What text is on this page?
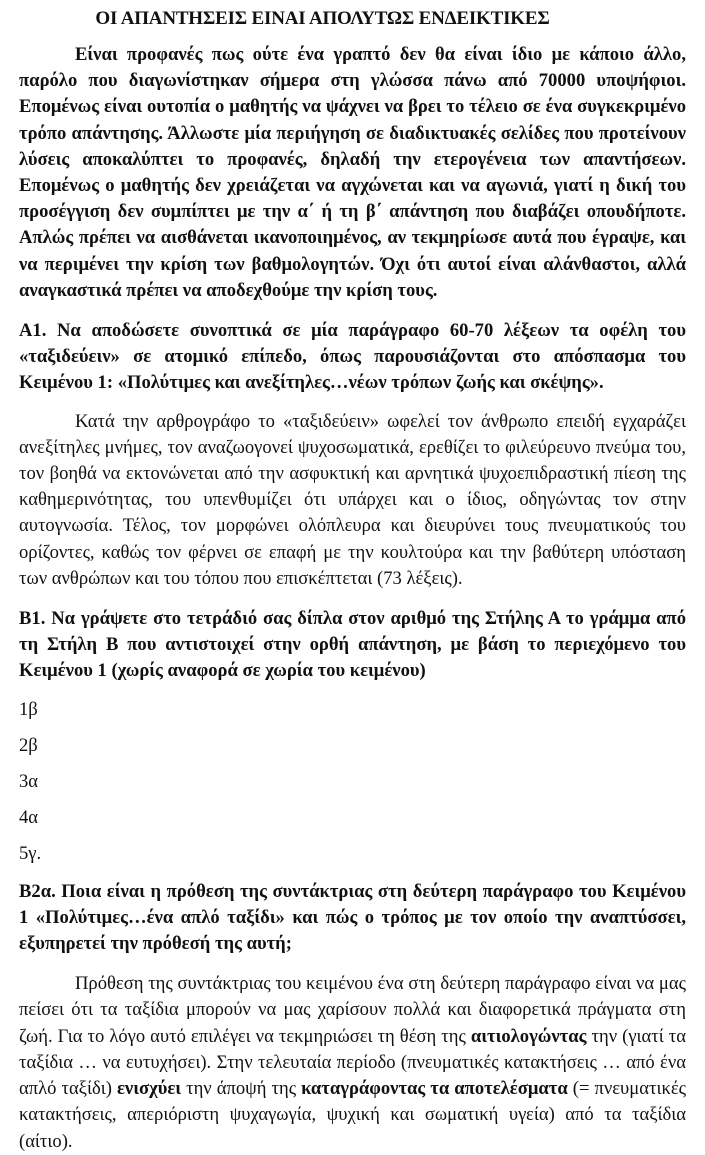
ΟΙ ΑΠΑΝΤΗΣΕΙΣ ΕΙΝΑΙ ΑΠΟΛΥΤΩΣ ΕΝΔΕΙΚΤΙΚΕΣ

Είναι προφανές πως ούτε ένα γραπτό δεν θα είναι ίδιο με κάποιο άλλο, παρόλο που διαγωνίστηκαν σήμερα στη γλώσσα πάνω από 70000 υποψήφιοι. Επομένως είναι ουτοπία ο μαθητής να ψάχνει να βρει το τέλειο σε ένα συγκεκριμένο τρόπο απάντησης. Άλλωστε μία περιήγηση σε διαδικτυακές σελίδες που προτείνουν λύσεις αποκαλύπτει το προφανές, δηλαδή την ετερογένεια των απαντήσεων. Επομένως ο μαθητής δεν χρειάζεται να αγχώνεται και να αγωνιά, γιατί η δική του προσέγγιση δεν συμπίπτει με την α΄ ή τη β΄ απάντηση που διαβάζει οπουδήποτε. Απλώς πρέπει να αισθάνεται ικανοποιημένος, αν τεκμηρίωσε αυτά που έγραψε, και να περιμένει την κρίση των βαθμολογητών. Όχι ότι αυτοί είναι αλάνθαστοι, αλλά αναγκαστικά πρέπει να αποδεχθούμε την κρίση τους.

Α1. Να αποδώσετε συνοπτικά σε μία παράγραφο 60-70 λέξεων τα οφέλη του «ταξιδεύειν» σε ατομικό επίπεδο, όπως παρουσιάζονται στο απόσπασμα του Κειμένου 1: «Πολύτιμες και ανεξίτηλες…νέων τρόπων ζωής και σκέψης».

Κατά την αρθρογράφο το «ταξιδεύειν» ωφελεί τον άνθρωπο επειδή εγχαράζει ανεξίτηλες μνήμες, τον αναζωογονεί ψυχοσωματικά, ερεθίζει το φιλεύρευνο πνεύμα του, τον βοηθά να εκτονώνεται από την ασφυκτική και αρνητικά ψυχοεπιδραστική πίεση της καθημερινότητας, του υπενθυμίζει ότι υπάρχει και ο ίδιος, οδηγώντας τον στην αυτογνωσία. Τέλος, τον μορφώνει ολόπλευρα και διευρύνει τους πνευματικούς του ορίζοντες, καθώς τον φέρνει σε επαφή με την κουλτούρα και την βαθύτερη υπόσταση των ανθρώπων και του τόπου που επισκέπτεται (73 λέξεις).

Β1. Να γράψετε στο τετράδιό σας δίπλα στον αριθμό της Στήλης Α το γράμμα από τη Στήλη Β που αντιστοιχεί στην ορθή απάντηση, με βάση το περιεχόμενο του Κειμένου 1 (χωρίς αναφορά σε χωρία του κειμένου)

1β
2β
3α
4α
5γ.

Β2α. Ποια είναι η πρόθεση της συντάκτριας στη δεύτερη παράγραφο του Κειμένου 1 «Πολύτιμες…ένα απλό ταξίδι» και πώς ο τρόπος με τον οποίο την αναπτύσσει, εξυπηρετεί την πρόθεσή της αυτή;

Πρόθεση της συντάκτριας του κειμένου ένα στη δεύτερη παράγραφο είναι να μας πείσει ότι τα ταξίδια μπορούν να μας χαρίσουν πολλά και διαφορετικά πράγματα στη ζωή. Για το λόγο αυτό επιλέγει να τεκμηριώσει τη θέση της αιτιολογώντας την (γιατί τα ταξίδια … να ευτυχήσει). Στην τελευταία περίοδο (πνευματικές κατακτήσεις … από ένα απλό ταξίδι) ενισχύει την άποψή της καταγράφοντας τα αποτελέσματα (= πνευματικές κατακτήσεις, απεριόριστη ψυχαγωγία, ψυχική και σωματική υγεία) από τα ταξίδια (αίτιο).
